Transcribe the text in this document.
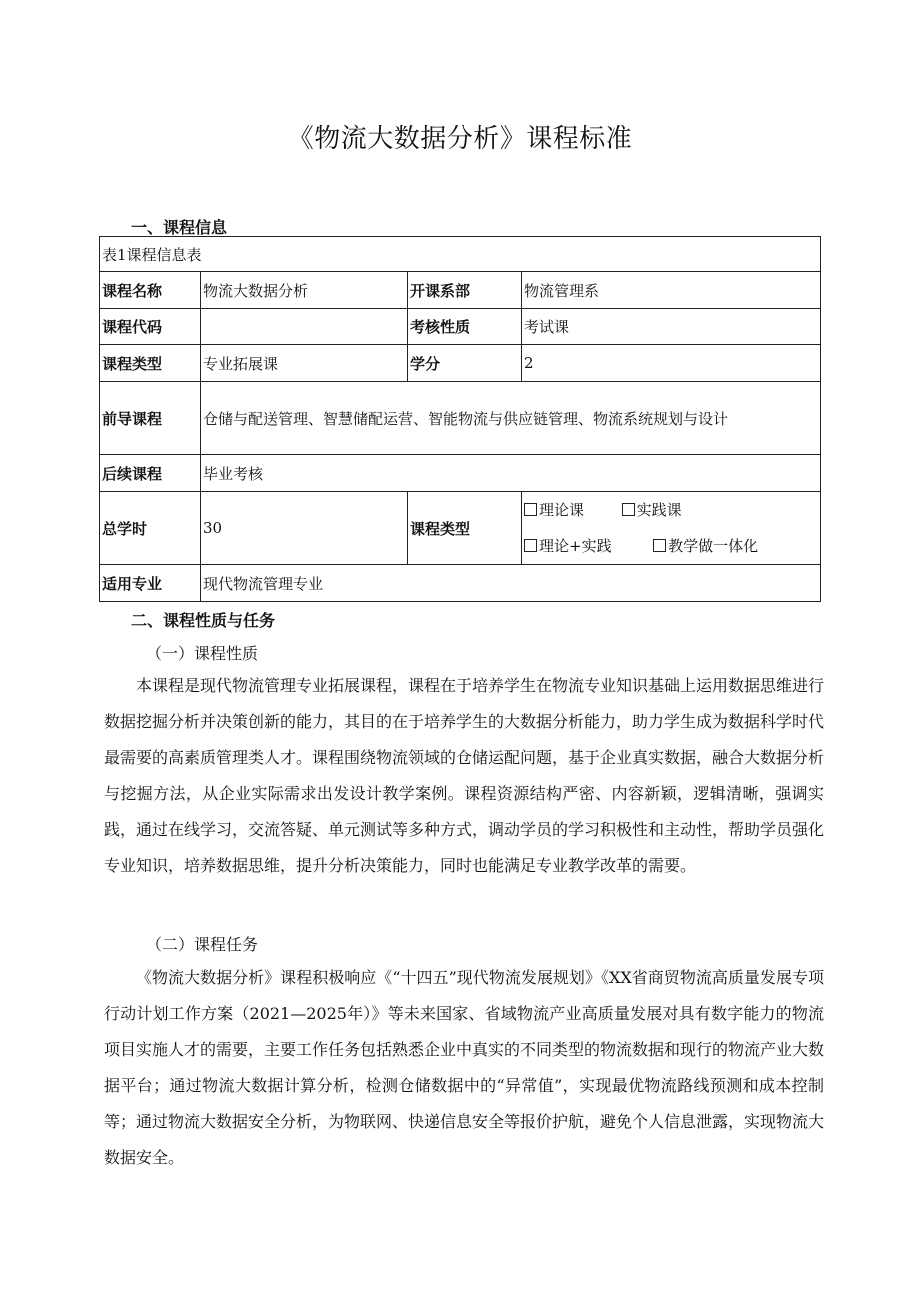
《物流大数据分析》课程标准
一、课程信息
表1课程信息表			
课程名称	物流大数据分析	开课系部	物流管理系
课程代码		考核性质	考试课
课程类型	专业拓展课	学分	2
前导课程	仓储与配送管理、智慧储配运营、智能物流与供应链管理、物流系统规划与设计		
后续课程	毕业考核		
总学时	30	课程类型	理论课 实践课
理论+实践 教学做一体化

适用专业	现代物流管理专业		
二、课程性质与任务
（一）课程性质

本课程是现代物流管理专业拓展课程，课程在于培养学生在物流专业知识基础上运用数据思维进行数据挖掘分析并决策创新的能力，其目的在于培养学生的大数据分析能力，助力学生成为数据科学时代最需要的高素质管理类人才。课程围绕物流领域的仓储运配问题，基于企业真实数据，融合大数据分析与挖掘方法，从企业实际需求出发设计教学案例。课程资源结构严密、内容新颖，逻辑清晰，强调实践，通过在线学习，交流答疑、单元测试等多种方式，调动学员的学习积极性和主动性，帮助学员强化专业知识，培养数据思维，提升分析决策能力，同时也能满足专业教学改革的需要。

（二）课程任务

《物流大数据分析》课程积极响应《“十四五”现代物流发展规划》《XX省商贸物流高质量发展专项行动计划工作方案（2021—2025年）》等未来国家、省域物流产业高质量发展对具有数字能力的物流项目实施人才的需要，主要工作任务包括熟悉企业中真实的不同类型的物流数据和现行的物流产业大数据平台；通过物流大数据计算分析，检测仓储数据中的“异常值”，实现最优物流路线预测和成本控制等；通过物流大数据安全分析，为物联网、快递信息安全等报价护航，避免个人信息泄露，实现物流大数据安全。
